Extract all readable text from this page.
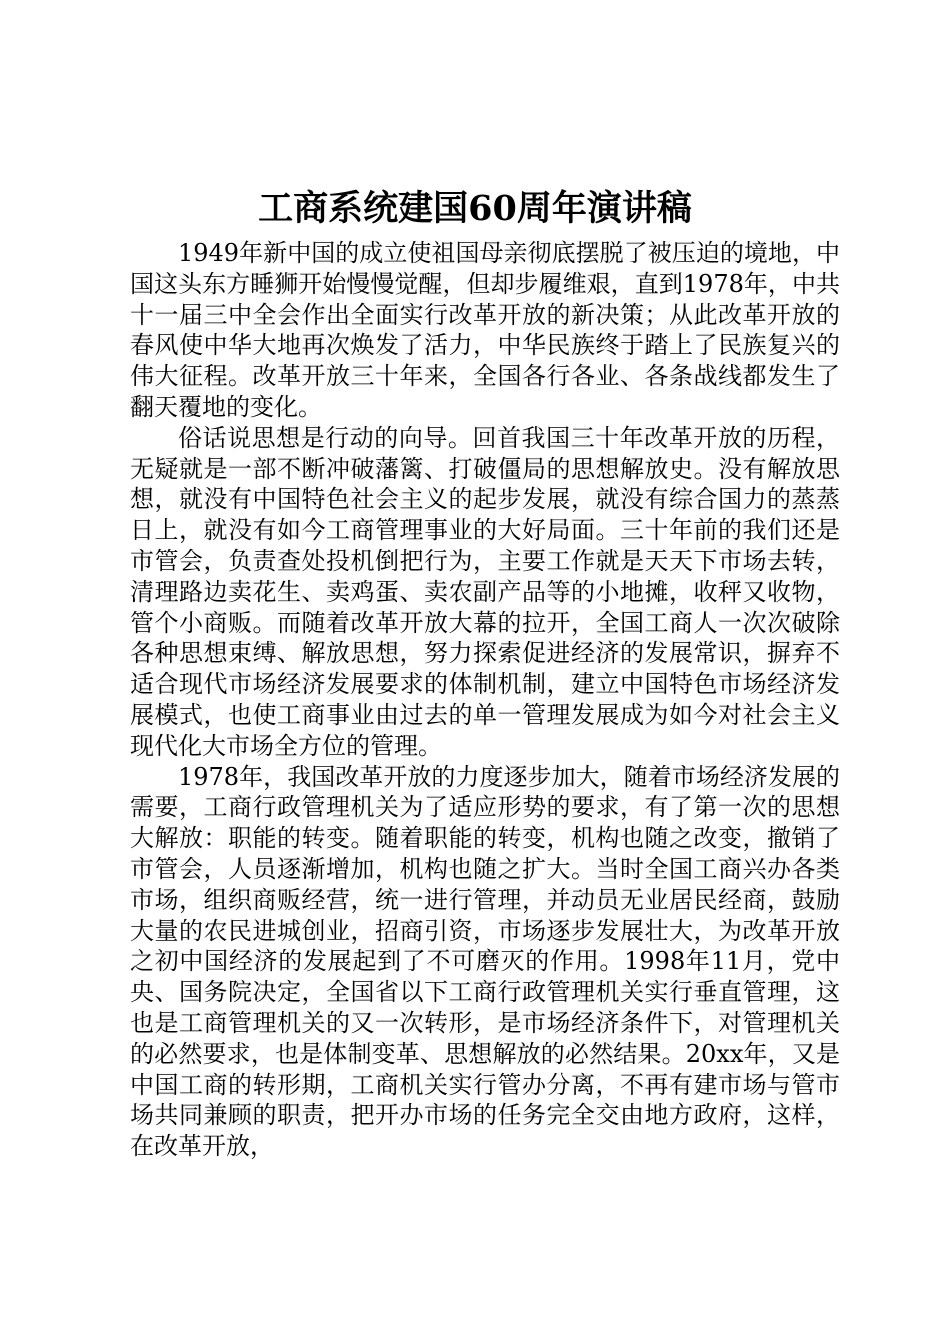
工商系统建国60周年演讲稿

1949年新中国的成立使祖国母亲彻底摆脱了被压迫的境地，中国这头东方睡狮开始慢慢觉醒，但却步履维艰，直到1978年，中共十一届三中全会作出全面实行改革开放的新决策；从此改革开放的春风使中华大地再次焕发了活力，中华民族终于踏上了民族复兴的伟大征程。改革开放三十年来，全国各行各业、各条战线都发生了翻天覆地的变化。

俗话说思想是行动的向导。回首我国三十年改革开放的历程，无疑就是一部不断冲破藩篱、打破僵局的思想解放史。没有解放思想，就没有中国特色社会主义的起步发展，就没有综合国力的蒸蒸日上，就没有如今工商管理事业的大好局面。三十年前的我们还是市管会，负责查处投机倒把行为，主要工作就是天天下市场去转，清理路边卖花生、卖鸡蛋、卖农副产品等的小地摊，收秤又收物，管个小商贩。而随着改革开放大幕的拉开，全国工商人一次次破除各种思想束缚、解放思想，努力探索促进经济的发展常识，摒弃不适合现代市场经济发展要求的体制机制，建立中国特色市场经济发展模式，也使工商事业由过去的单一管理发展成为如今对社会主义现代化大市场全方位的管理。

1978年，我国改革开放的力度逐步加大，随着市场经济发展的需要，工商行政管理机关为了适应形势的要求，有了第一次的思想大解放：职能的转变。随着职能的转变，机构也随之改变，撤销了市管会，人员逐渐增加，机构也随之扩大。当时全国工商兴办各类市场，组织商贩经营，统一进行管理，并动员无业居民经商，鼓励大量的农民进城创业，招商引资，市场逐步发展壮大，为改革开放之初中国经济的发展起到了不可磨灭的作用。1998年11月，党中央、国务院决定，全国省以下工商行政管理机关实行垂直管理，这也是工商管理机关的又一次转形，是市场经济条件下，对管理机关的必然要求，也是体制变革、思想解放的必然结果。20xx年，又是中国工商的转形期，工商机关实行管办分离，不再有建市场与管市场共同兼顾的职责，把开办市场的任务完全交由地方政府，这样，在改革开放，
